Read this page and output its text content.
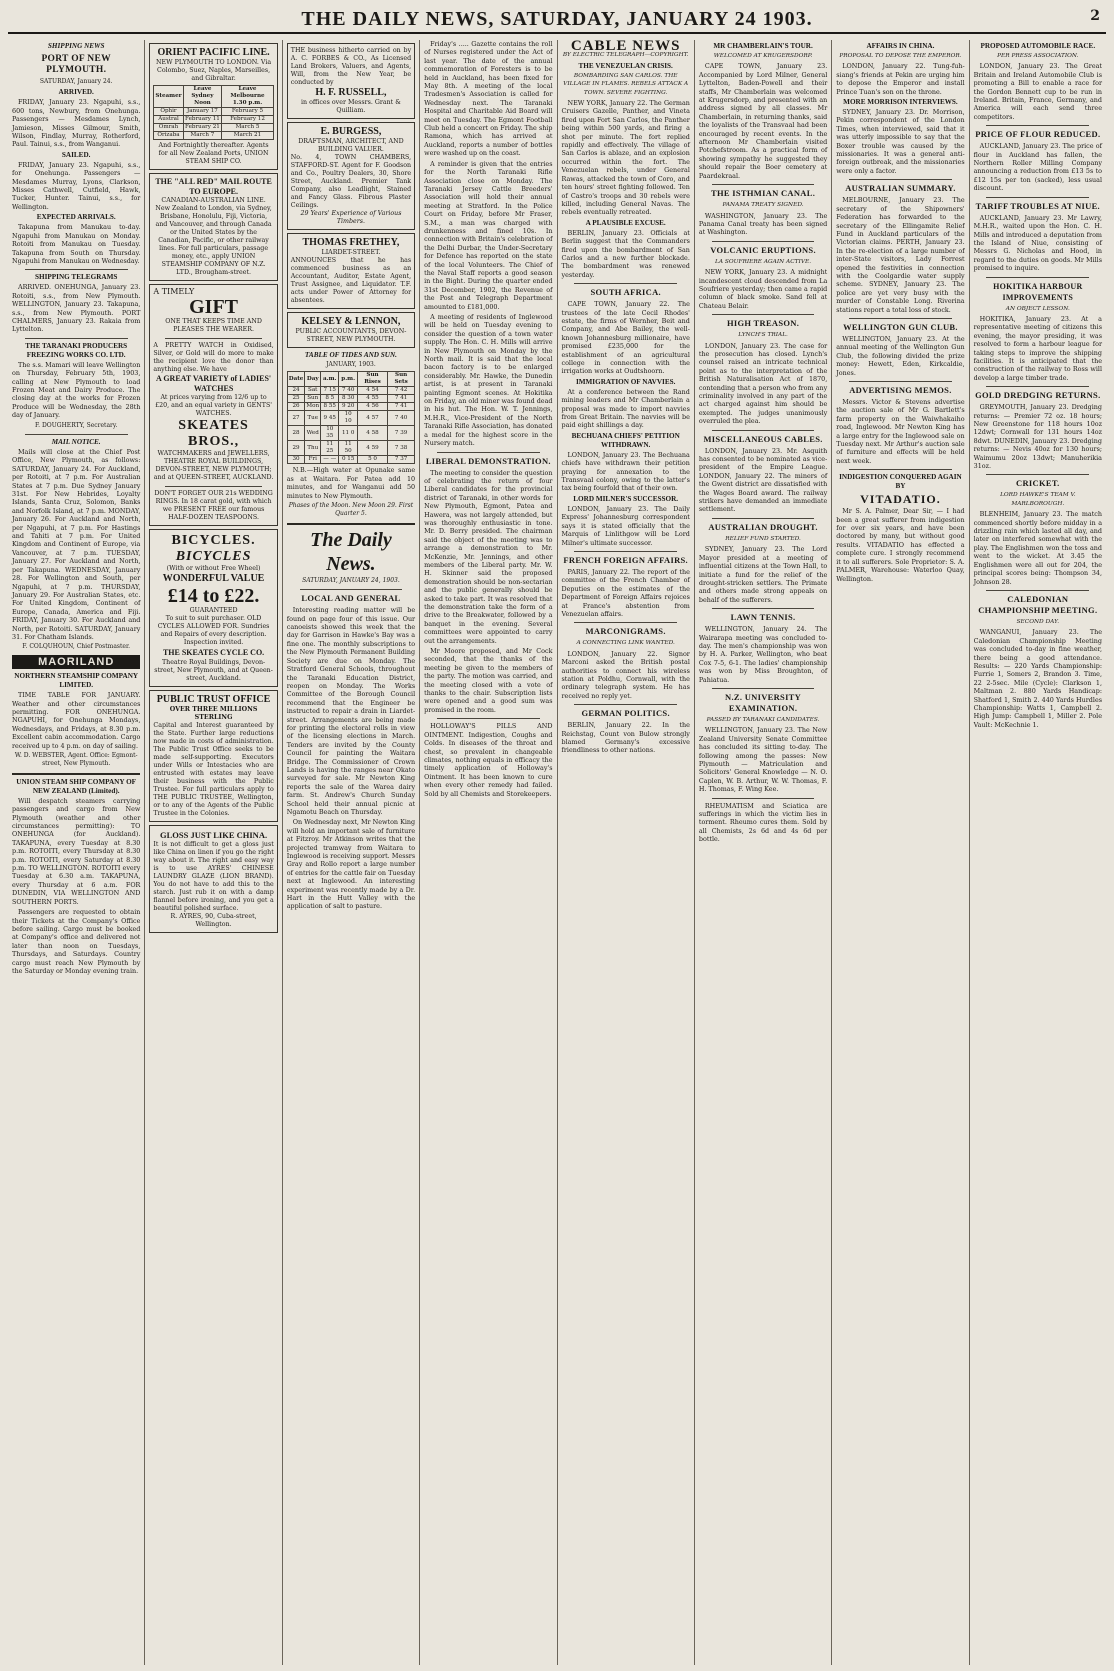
THE DAILY NEWS, SATURDAY, JANUARY 24 1903.	2
SHIPPING NEWS
PORT OF NEW PLYMOUTH.
SATURDAY, January 24.
ARRIVED.

FRIDAY, January 23. Ngapuhi, s.s., 600 tons, Newbury, from Onehunga. Passengers — Mesdames Lynch, Jamieson, Misses Gilmour, Smith, Wilson, Findlay, Murray, Rotherford, Paul. Tainui, s.s., from Wanganui.

SAILED.

FRIDAY, January 23. Ngapuhi, s.s., for Onehunga. Passengers — Mesdames Murray, Lyons, Clarkson, Misses Cathwell, Cutfield, Hawk, Tucker, Hunter. Tainui, s.s., for Wellington.

EXPECTED ARRIVALS.

Takapuna from Manukau to-day. Ngapuhi from Manukau on Monday. Rotoiti from Manukau on Tuesday. Takapuna from South on Thursday. Ngapuhi from Manukau on Wednesday.

SHIPPING TELEGRAMS

ARRIVED. ONEHUNGA, January 23. Rotoiti, s.s., from New Plymouth. WELLINGTON, January 23. Takapuna, s.s., from New Plymouth. PORT CHALMERS, January 23. Rakaia from Lyttelton.

THE TARANAKI PRODUCERS FREEZING WORKS CO. LTD.

The s.s. Mamari will leave Wellington on Thursday, February 5th, 1903, calling at New Plymouth to load Frozen Meat and Dairy Produce. The closing day at the works for Frozen Produce will be Wednesday, the 28th day of January.

F. DOUGHERTY, Secretary.
MAIL NOTICE.

Mails will close at the Chief Post Office, New Plymouth, as follows: SATURDAY, January 24. For Auckland, per Rotoiti, at 7 p.m. For Australian States at 7 p.m. Due Sydney January 31st. For New Hebrides, Loyalty Islands, Santa Cruz, Solomon, Banks and Norfolk Island, at 7 p.m. MONDAY, January 26. For Auckland and North, per Ngapuhi, at 7 p.m. For Hastings and Tahiti at 7 p.m. For United Kingdom and Continent of Europe, via Vancouver, at 7 p.m. TUESDAY, January 27. For Auckland and North, per Takapuna. WEDNESDAY, January 28. For Wellington and South, per Ngapuhi, at 7 p.m. THURSDAY, January 29. For Australian States, etc. For United Kingdom, Continent of Europe, Canada, America and Fiji. FRIDAY, January 30. For Auckland and North, per Rotoiti. SATURDAY, January 31. For Chatham Islands.

F. COLQUHOUN, Chief Postmaster.
MAORILAND
NORTHERN STEAMSHIP COMPANY LIMITED.

TIME TABLE FOR JANUARY. Weather and other circumstances permitting. FOR ONEHUNGA. NGAPUHI, for Onehunga Mondays, Wednesdays, and Fridays, at 8.30 p.m. Excellent cabin accommodation. Cargo received up to 4 p.m. on day of sailing.

W. D. WEBSTER, Agent. Office: Egmont-street, New Plymouth.
UNION STEAM SHIP COMPANY OF NEW ZEALAND (Limited).

Will despatch steamers carrying passengers and cargo from New Plymouth (weather and other circumstances permitting): TO ONEHUNGA (for Auckland). TAKAPUNA, every Tuesday at 8.30 p.m. ROTOITI, every Thursday at 8.30 p.m. ROTOITI, every Saturday at 8.30 p.m. TO WELLINGTON. ROTOITI every Tuesday at 6.30 a.m. TAKAPUNA, every Thursday at 6 a.m. FOR DUNEDIN, VIA WELLINGTON AND SOUTHERN PORTS.

Passengers are requested to obtain their Tickets at the Company's Office before sailing. Cargo must be booked at Company's office and delivered not later than noon on Tuesdays, Thursdays, and Saturdays. Country cargo must reach New Plymouth by the Saturday or Monday evening train.

ORIENT PACIFIC LINE.
NEW PLYMOUTH TO LONDON. Via Colombo, Suez, Naples, Marseilles, and Gibraltar.
Steamer	Leave Sydney Noon	Leave Melbourne 1.30 p.m.
Ophir	January 17	February 5
Austral	February 11	February 12
Omrah	February 21	March 5
Orizaba	March 7	March 21
And Fortnightly thereafter. Agents for all New Zealand Ports, UNION STEAM SHIP CO.
THE "ALL RED" MAIL ROUTE TO EUROPE.
CANADIAN-AUSTRALIAN LINE. New Zealand to London, via Sydney, Brisbane, Honolulu, Fiji, Victoria, and Vancouver, and through Canada or the United States by the Canadian, Pacific, or other railway lines. For full particulars, passage money, etc., apply UNION STEAMSHIP COMPANY OF N.Z. LTD., Brougham-street.
A TIMELY
GIFT
ONE THAT KEEPS TIME AND PLEASES THE WEARER.
A PRETTY WATCH in Oxidised, Silver, or Gold will do more to make the recipient love the donor than anything else. We have
A GREAT VARIETY of LADIES' WATCHES
At prices varying from 12/6 up to £20, and an equal variety in GENTS' WATCHES.
SKEATES BROS.,
WATCHMAKERS and JEWELLERS,
THEATRE ROYAL BUILDINGS, DEVON-STREET, NEW PLYMOUTH; and at QUEEN-STREET, AUCKLAND.
DON'T FORGET OUR 21s WEDDING RINGS. In 18 carat gold, with which we PRESENT FREE our famous HALF-DOZEN TEASPOONS.
BICYCLES.
BICYCLES
(With or without Free Wheel)
WONDERFUL VALUE
£14 to £22.
GUARANTEED
To suit to suit purchaser. OLD CYCLES ALLOWED FOR. Sundries and Repairs of every description. Inspection invited.
THE SKEATES CYCLE CO.
Theatre Royal Buildings, Devon-street, New Plymouth, and at Queen-street, Auckland.
PUBLIC TRUST OFFICE
OVER THREE MILLIONS STERLING
Capital and Interest guaranteed by the State. Further large reductions now made in costs of administration. The Public Trust Office seeks to be made self-supporting. Executors under Wills or Intestacies who are entrusted with estates may leave their business with the Public Trustee. For full particulars apply to THE PUBLIC TRUSTEE, Wellington, or to any of the Agents of the Public Trustee in the Colonies.
GLOSS JUST LIKE CHINA.
It is not difficult to get a gloss just like China on linen if you go the right way about it. The right and easy way is to use AYRES' CHINESE LAUNDRY GLAZE (LION BRAND). You do not have to add this to the starch. Just rub it on with a damp flannel before ironing, and you get a beautiful polished surface.
R. AYRES, 90, Cuba-street, Wellington.
THE business hitherto carried on by A. C. FORBES & CO., As Licensed Land Brokers, Valuers, and Agents, Will, from the New Year, be conducted by
H. F. RUSSELL,
in offices over Messrs. Grant & Quilliam.
E. BURGESS,
DRAFTSMAN, ARCHITECT, AND BUILDING VALUER.
No. 4, TOWN CHAMBERS, STAFFORD-ST. Agent for F. Goodson and Co., Poultry Dealers, 30, Shore Street, Auckland. Premier Tank Company, also Leadlight, Stained and Fancy Glass. Fibrous Plaster Ceilings.
29 Years' Experience of Various Timbers.
THOMAS FRETHEY,
LIARDET-STREET.
ANNOUNCES that he has commenced business as an Accountant, Auditor, Estate Agent, Trust Assignee, and Liquidator. T.F. acts under Power of Attorney for absentees.
KELSEY & LENNON,
PUBLIC ACCOUNTANTS, DEVON-STREET, NEW PLYMOUTH.
TABLE OF TIDES AND SUN.
JANUARY, 1903.
Date	Day	a.m.	p.m.	Sun Rises	Sun Sets
24	Sat	7 15	7 40	4 54	7 42
25	Sun	8 5	8 30	4 55	7 41
26	Mon	8 55	9 20	4 56	7 41
27	Tue	9 45	10 10	4 57	7 40
28	Wed	10 35	11 0	4 58	7 39
29	Thu	11 25	11 50	4 59	7 38
30	Fri	— —	0 15	5 0	7 37

N.B.—High water at Opunake same as at Waitara. For Patea add 10 minutes, and for Wanganui add 50 minutes to New Plymouth.

Phases of the Moon. New Moon 29. First Quarter 5.
The Daily News.
SATURDAY, JANUARY 24, 1903.
LOCAL AND GENERAL

Interesting reading matter will be found on page four of this issue. Our canoeists showed this week that the day for Garrison in Hawke's Bay was a fine one. The monthly subscriptions to the New Plymouth Permanent Building Society are due on Monday. The Stratford General Schools, throughout the Taranaki Education District, reopen on Monday. The Works Committee of the Borough Council recommend that the Engineer be instructed to repair a drain in Liardet-street. Arrangements are being made for printing the electoral rolls in view of the licensing elections in March. Tenders are invited by the County Council for painting the Waitara Bridge. The Commissioner of Crown Lands is having the ranges near Okato surveyed for sale. Mr Newton King reports the sale of the Warea dairy farm. St. Andrew's Church Sunday School held their annual picnic at Ngamotu Beach on Thursday.

On Wednesday next, Mr Newton King will hold an important sale of furniture at Fitzroy. Mr Atkinson writes that the projected tramway from Waitara to Inglewood is receiving support. Messrs Gray and Rollo report a large number of entries for the cattle fair on Tuesday next at Inglewood. An interesting experiment was recently made by a Dr. Hart in the Hutt Valley with the application of salt to pasture.

Friday's ..... Gazette contains the roll of Nurses registered under the Act of last year. The date of the annual commemoration of Foresters is to be held in Auckland, has been fixed for May 8th. A meeting of the local Tradesmen's Association is called for Wednesday next. The Taranaki Hospital and Charitable Aid Board will meet on Tuesday. The Egmont Football Club held a concert on Friday. The ship Ramona, which has arrived at Auckland, reports a number of bottles were washed up on the coast.

A reminder is given that the entries for the North Taranaki Rifle Association close on Monday. The Taranaki Jersey Cattle Breeders' Association will hold their annual meeting at Stratford. In the Police Court on Friday, before Mr Fraser, S.M., a man was charged with drunkenness and fined 10s. In connection with Britain's celebration of the Delhi Durbar, the Under-Secretary for Defence has reported on the state of the local Volunteers. The Chief of the Naval Staff reports a good season in the Bight. During the quarter ended 31st December, 1902, the Revenue of the Post and Telegraph Department amounted to £181,000.

A meeting of residents of Inglewood will be held on Tuesday evening to consider the question of a town water supply. The Hon. C. H. Mills will arrive in New Plymouth on Monday by the North mail. It is said that the local bacon factory is to be enlarged considerably. Mr. Hawke, the Dunedin artist, is at present in Taranaki painting Egmont scenes. At Hokitika on Friday, an old miner was found dead in his hut. The Hon. W. T. Jennings, M.H.R., Vice-President of the North Taranaki Rifle Association, has donated a medal for the highest score in the Nursery match.

LIBERAL DEMONSTRATION.

The meeting to consider the question of celebrating the return of four Liberal candidates for the provincial district of Taranaki, in other words for New Plymouth, Egmont, Patea and Hawera, was not largely attended, but was thoroughly enthusiastic in tone. Mr. D. Berry presided. The chairman said the object of the meeting was to arrange a demonstration to Mr. McKenzie, Mr. Jennings, and other members of the Liberal party. Mr. W. H. Skinner said the proposed demonstration should be non-sectarian and the public generally should be asked to take part. It was resolved that the demonstration take the form of a drive to the Breakwater, followed by a banquet in the evening. Several committees were appointed to carry out the arrangements.

Mr Moore proposed, and Mr Cock seconded, that the thanks of the meeting be given to the members of the party. The motion was carried, and the meeting closed with a vote of thanks to the chair. Subscription lists were opened and a good sum was promised in the room.

HOLLOWAY'S PILLS AND OINTMENT. Indigestion, Coughs and Colds. In diseases of the throat and chest, so prevalent in changeable climates, nothing equals in efficacy the timely application of Holloway's Ointment. It has been known to cure when every other remedy had failed. Sold by all Chemists and Storekeepers.

CABLE NEWS
BY ELECTRIC TELEGRAPH—COPYRIGHT.
THE VENEZUELAN CRISIS.
BOMBARDING SAN CARLOS. THE VILLAGE IN FLAMES. REBELS ATTACK A TOWN. SEVERE FIGHTING.

NEW YORK, January 22. The German Cruisers Gazelle, Panther, and Vineta fired upon Fort San Carlos, the Panther being within 500 yards, and firing a shot per minute. The fort replied rapidly and effectively. The village of San Carlos is ablaze, and an explosion occurred within the fort. The Venezuelan rebels, under General Rawas, attacked the town of Coro, and ten hours' street fighting followed. Ten of Castro's troops and 30 rebels were killed, including General Navas. The rebels eventually retreated.

A PLAUSIBLE EXCUSE.

BERLIN, January 23. Officials at Berlin suggest that the Commanders fired upon the bombardment of San Carlos and a new further blockade. The bombardment was renewed yesterday.

SOUTH AFRICA.

CAPE TOWN, January 22. The trustees of the late Cecil Rhodes' estate, the firms of Wernher, Beit and Company, and Abe Bailey, the well-known Johannesburg millionaire, have promised £235,000 for the establishment of an agricultural college in connection with the irrigation works at Oudtshoorn.

IMMIGRATION OF NAVVIES.

At a conference between the Rand mining leaders and Mr Chamberlain a proposal was made to import navvies from Great Britain. The navvies will be paid eight shillings a day.

BECHUANA CHIEFS' PETITION WITHDRAWN.

LONDON, January 23. The Bechuana chiefs have withdrawn their petition praying for annexation to the Transvaal colony, owing to the latter's tax being fourfold that of their own.

LORD MILNER'S SUCCESSOR.

LONDON, January 23. The Daily Express' Johannesburg correspondent says it is stated officially that the Marquis of Linlithgow will be Lord Milner's ultimate successor.

FRENCH FOREIGN AFFAIRS.

PARIS, January 22. The report of the committee of the French Chamber of Deputies on the estimates of the Department of Foreign Affairs rejoices at France's abstention from Venezuelan affairs.

MARCONIGRAMS.
A CONNECTING LINK WANTED.

LONDON, January 22. Signor Marconi asked the British postal authorities to connect his wireless station at Poldhu, Cornwall, with the ordinary telegraph system. He has received no reply yet.

GERMAN POLITICS.

BERLIN, January 22. In the Reichstag, Count von Bulow strongly blamed Germany's excessive friendliness to other nations.

MR CHAMBERLAIN'S TOUR.
WELCOMED AT KRUGERSDORP.

CAPE TOWN, January 23. Accompanied by Lord Milner, General Lyttelton, Baden-Powell and their staffs, Mr Chamberlain was welcomed at Krugersdorp, and presented with an address signed by all classes. Mr Chamberlain, in returning thanks, said the loyalists of the Transvaal had been encouraged by recent events. In the afternoon Mr Chamberlain visited Potchefstroom. As a practical form of showing sympathy he suggested they should repair the Boer cemetery at Paardekraal.

THE ISTHMIAN CANAL.
PANAMA TREATY SIGNED.

WASHINGTON, January 23. The Panama Canal treaty has been signed at Washington.

VOLCANIC ERUPTIONS.
LA SOUFRIERE AGAIN ACTIVE.

NEW YORK, January 23. A midnight incandescent cloud descended from La Soufriere yesterday; then came a rapid column of black smoke. Sand fell at Chateau Belair.

HIGH TREASON.
LYNCH'S TRIAL.

LONDON, January 23. The case for the prosecution has closed. Lynch's counsel raised an intricate technical point as to the interpretation of the British Naturalisation Act of 1870, contending that a person who from any criminality involved in any part of the act charged against him should be exempted. The judges unanimously overruled the plea.

MISCELLANEOUS CABLES.

LONDON, January 23. Mr. Asquith has consented to be nominated as vice-president of the Empire League. LONDON, January 22. The miners of the Gwent district are dissatisfied with the Wages Board award. The railway strikers have demanded an immediate settlement.

AUSTRALIAN DROUGHT.
RELIEF FUND STARTED.

SYDNEY, January 23. The Lord Mayor presided at a meeting of influential citizens at the Town Hall, to initiate a fund for the relief of the drought-stricken settlers. The Primate and others made strong appeals on behalf of the sufferers.

LAWN TENNIS.

WELLINGTON, January 24. The Wairarapa meeting was concluded to-day. The men's championship was won by H. A. Parker, Wellington, who beat Cox 7-5, 6-1. The ladies' championship was won by Miss Broughton, of Pahiatua.

N.Z. UNIVERSITY EXAMINATION.
PASSED BY TARANAKI CANDIDATES.

WELLINGTON, January 23. The New Zealand University Senate Committee has concluded its sitting to-day. The following among the passes: New Plymouth — Matriculation and Solicitors' General Knowledge — N. O. Caplen, W. B. Arthur, W. W. Thomas, F. H. Thomas, F. Wing Kee.

RHEUMATISM and Sciatica are sufferings in which the victim lies in torment. Rheumo cures them. Sold by all Chemists, 2s 6d and 4s 6d per bottle.

AFFAIRS IN CHINA.
PROPOSAL TO DEPOSE THE EMPEROR.

LONDON, January 22. Tung-fuh-siang's friends at Pekin are urging him to depose the Emperor and install Prince Tuan's son on the throne.

MORE MORRISON INTERVIEWS.

SYDNEY, January 23. Dr. Morrison, Pekin correspondent of the London Times, when interviewed, said that it was utterly impossible to say that the Boxer trouble was caused by the missionaries. It was a general anti-foreign outbreak, and the missionaries were only a factor.

AUSTRALIAN SUMMARY.

MELBOURNE, January 23. The secretary of the Shipowners' Federation has forwarded to the secretary of the Ellingamite Relief Fund in Auckland particulars of the Victorian claims. PERTH, January 23. In the re-election of a large number of inter-State visitors, Lady Forrest opened the festivities in connection with the Coolgardie water supply scheme. SYDNEY, January 23. The police are yet very busy with the murder of Constable Long. Riverina stations report a total loss of stock.

WELLINGTON GUN CLUB.

WELLINGTON, January 23. At the annual meeting of the Wellington Gun Club, the following divided the prize money: Hewett, Eden, Kirkcaldie, Jones.

ADVERTISING MEMOS.

Messrs. Victor & Stevens advertise the auction sale of Mr G. Bartlett's farm property on the Waiwhakaiho road, Inglewood. Mr Newton King has a large entry for the Inglewood sale on Tuesday next. Mr Arthur's auction sale of furniture and effects will be held next week.

INDIGESTION CONQUERED AGAIN BY
VITADATIO.

Mr S. A. Palmer, Dear Sir, — I had been a great sufferer from indigestion for over six years, and have been doctored by many, but without good results. VITADATIO has effected a complete cure. I strongly recommend it to all sufferers. Sole Proprietor: S. A. PALMER, Warehouse: Waterloo Quay, Wellington.

PROPOSED AUTOMOBILE RACE.
PER PRESS ASSOCIATION.

LONDON, January 23. The Great Britain and Ireland Automobile Club is promoting a Bill to enable a race for the Gordon Bennett cup to be run in Ireland. Britain, France, Germany, and America will each send three competitors.

PRICE OF FLOUR REDUCED.

AUCKLAND, January 23. The price of flour in Auckland has fallen, the Northern Roller Milling Company announcing a reduction from £13 5s to £12 15s per ton (sacked), less usual discount.

TARIFF TROUBLES AT NIUE.

AUCKLAND, January 23. Mr Lawry, M.H.R., waited upon the Hon. C. H. Mills and introduced a deputation from the Island of Niue, consisting of Messrs G. Nicholas and Hood, in regard to the duties on goods. Mr Mills promised to inquire.

HOKITIKA HARBOUR IMPROVEMENTS
AN OBJECT LESSON.

HOKITIKA, January 23. At a representative meeting of citizens this evening, the mayor presiding, it was resolved to form a harbour league for taking steps to improve the shipping facilities. It is anticipated that the construction of the railway to Ross will develop a large timber trade.

GOLD DREDGING RETURNS.

GREYMOUTH, January 23. Dredging returns: — Premier 72 oz. 18 hours; New Greenstone for 118 hours 10oz 12dwt; Cornwall for 131 hours 14oz 8dwt. DUNEDIN, January 23. Dredging returns: — Nevis 40oz for 130 hours; Waimumu 20oz 13dwt; Manuherikia 31oz.

CRICKET.
LORD HAWKE'S TEAM V. MARLBOROUGH.

BLENHEIM, January 23. The match commenced shortly before midday in a drizzling rain which lasted all day, and later on interfered somewhat with the play. The Englishmen won the toss and went to the wicket. At 3.45 the Englishmen were all out for 204, the principal scores being: Thompson 34, Johnson 28.

CALEDONIAN CHAMPIONSHIP MEETING.
SECOND DAY.

WANGANUI, January 23. The Caledonian Championship Meeting was concluded to-day in fine weather, there being a good attendance. Results: — 220 Yards Championship: Furrie 1, Somers 2, Brandon 3. Time, 22 2-5sec. Mile (Cycle): Clarkson 1, Maltman 2. 880 Yards Handicap: Shatford 1, Smith 2. 440 Yards Hurdles Championship: Watts 1, Campbell 2. High Jump: Campbell 1, Miller 2. Pole Vault: McKechnie 1.
